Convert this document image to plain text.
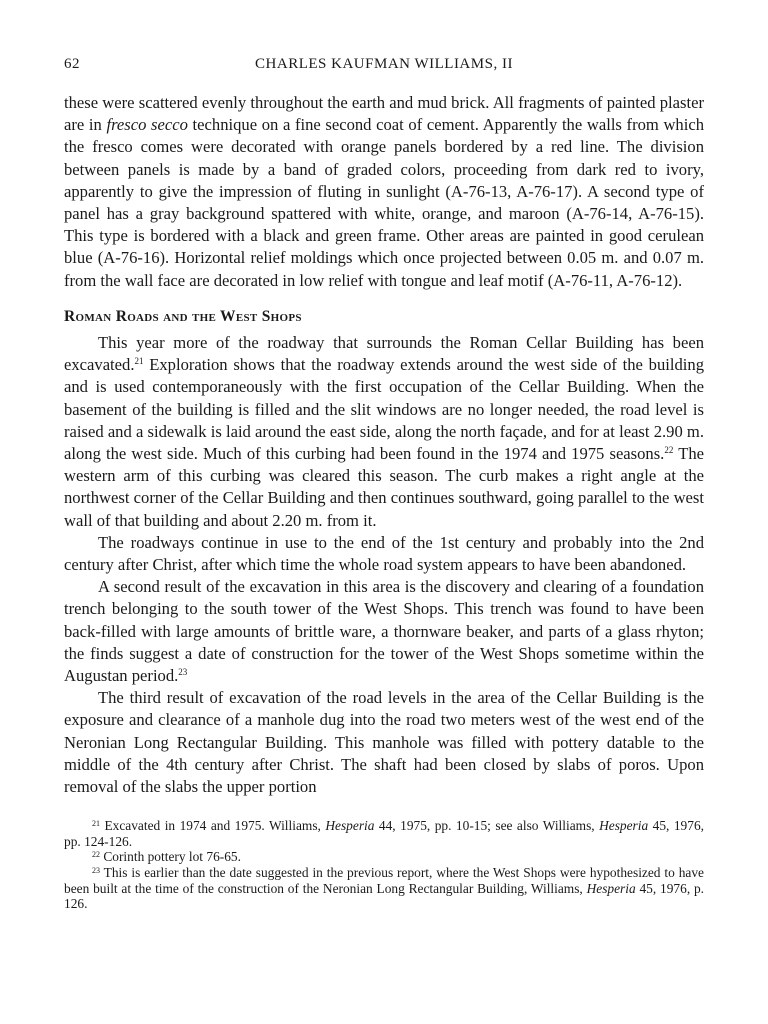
62	CHARLES KAUFMAN WILLIAMS, II

these were scattered evenly throughout the earth and mud brick. All fragments of painted plaster are in fresco secco technique on a fine second coat of cement. Apparently the walls from which the fresco comes were decorated with orange panels bordered by a red line. The division between panels is made by a band of graded colors, proceeding from dark red to ivory, apparently to give the impression of fluting in sunlight (A-76-13, A-76-17). A second type of panel has a gray background spattered with white, orange, and maroon (A-76-14, A-76-15). This type is bordered with a black and green frame. Other areas are painted in good cerulean blue (A-76-16). Horizontal relief moldings which once projected between 0.05 m. and 0.07 m. from the wall face are decorated in low relief with tongue and leaf motif (A-76-11, A-76-12).

Roman Roads and the West Shops

This year more of the roadway that surrounds the Roman Cellar Building has been excavated.$^{21}$ Exploration shows that the roadway extends around the west side of the building and is used contemporaneously with the first occupation of the Cellar Building. When the basement of the building is filled and the slit windows are no longer needed, the road level is raised and a sidewalk is laid around the east side, along the north façade, and for at least 2.90 m. along the west side. Much of this curbing had been found in the 1974 and 1975 seasons.$^{22}$ The western arm of this curbing was cleared this season. The curb makes a right angle at the northwest corner of the Cellar Building and then continues southward, going parallel to the west wall of that building and about 2.20 m. from it.

The roadways continue in use to the end of the 1st century and probably into the 2nd century after Christ, after which time the whole road system appears to have been abandoned.

A second result of the excavation in this area is the discovery and clearing of a foundation trench belonging to the south tower of the West Shops. This trench was found to have been back-filled with large amounts of brittle ware, a thornware beaker, and parts of a glass rhyton; the finds suggest a date of construction for the tower of the West Shops sometime within the Augustan period.$^{23}$

The third result of excavation of the road levels in the area of the Cellar Building is the exposure and clearance of a manhole dug into the road two meters west of the west end of the Neronian Long Rectangular Building. This manhole was filled with pottery datable to the middle of the 4th century after Christ. The shaft had been closed by slabs of poros. Upon removal of the slabs the upper portion

$^{21}$ Excavated in 1974 and 1975. Williams, Hesperia 44, 1975, pp. 10-15; see also Williams, Hesperia 45, 1976, pp. 124-126.

$^{22}$ Corinth pottery lot 76-65.

$^{23}$ This is earlier than the date suggested in the previous report, where the West Shops were hypothesized to have been built at the time of the construction of the Neronian Long Rectangular Building, Williams, Hesperia 45, 1976, p. 126.
